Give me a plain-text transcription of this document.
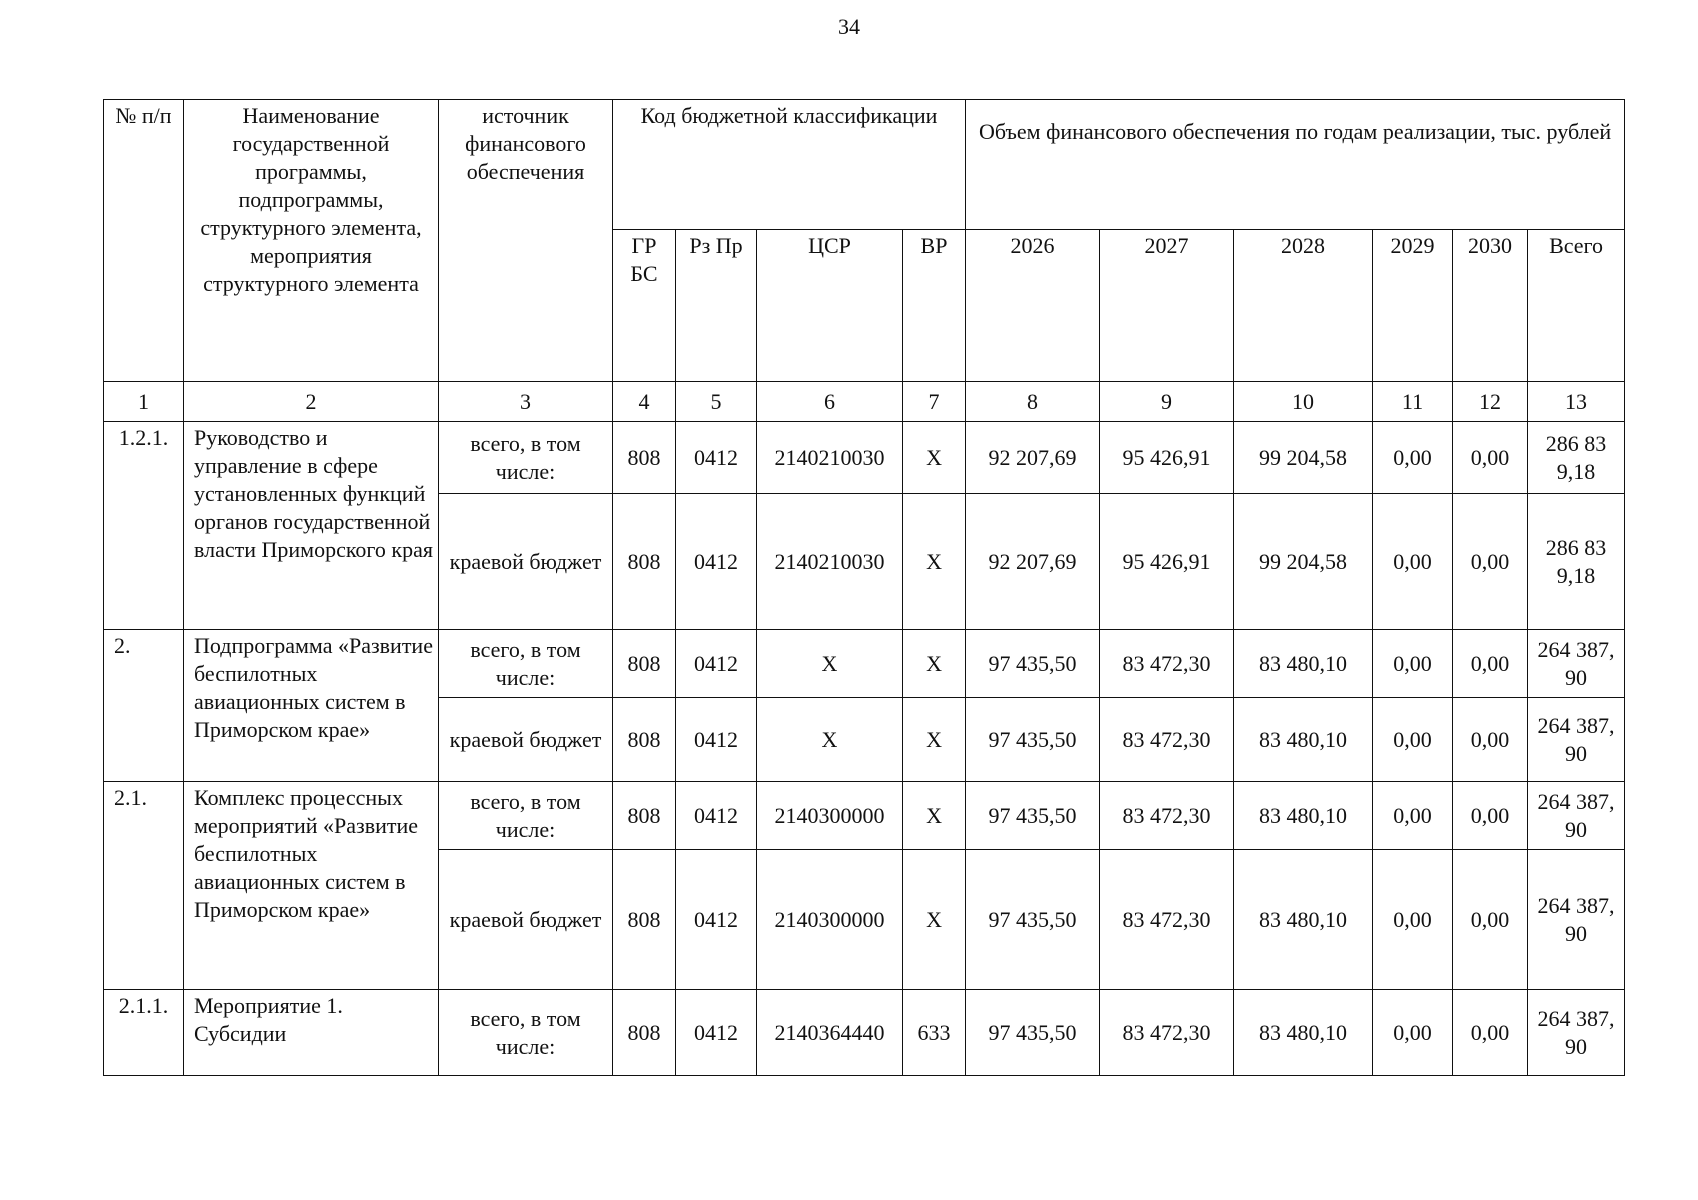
34
№ п/п	Наименование государственной программы, подпрограммы, структурного элемента, мероприятия структурного элемента	источник финансового обеспечения	Код бюджетной классификации				Объем финансового обеспечения по годам реализации, тыс. рублей					
			ГР БС	Рз Пр	ЦСР	ВР	2026	2027	2028	2029	2030	Всего
1	2	3	4	5	6	7	8	9	10	11	12	13
1.2.1.	Руководство и управление в сфере установленных функций органов государственной власти Приморского края	всего, в том числе:	808	0412	2140210030	Х	92 207,69	95 426,91	99 204,58	0,00	0,00	286 83 9,18
		краевой бюджет	808	0412	2140210030	Х	92 207,69	95 426,91	99 204,58	0,00	0,00	286 83 9,18
2.	Подпрограмма «Развитие беспилотных авиационных систем в Приморском крае»	всего, в том числе:	808	0412	Х	Х	97 435,50	83 472,30	83 480,10	0,00	0,00	264 387, 90
		краевой бюджет	808	0412	Х	Х	97 435,50	83 472,30	83 480,10	0,00	0,00	264 387, 90
2.1.	Комплекс процессных мероприятий «Развитие беспилотных авиационных систем в Приморском крае»	всего, в том числе:	808	0412	2140300000	Х	97 435,50	83 472,30	83 480,10	0,00	0,00	264 387, 90
		краевой бюджет	808	0412	2140300000	Х	97 435,50	83 472,30	83 480,10	0,00	0,00	264 387, 90
2.1.1.	Мероприятие 1. Субсидии	всего, в том числе:	808	0412	2140364440	633	97 435,50	83 472,30	83 480,10	0,00	0,00	264 387, 90
